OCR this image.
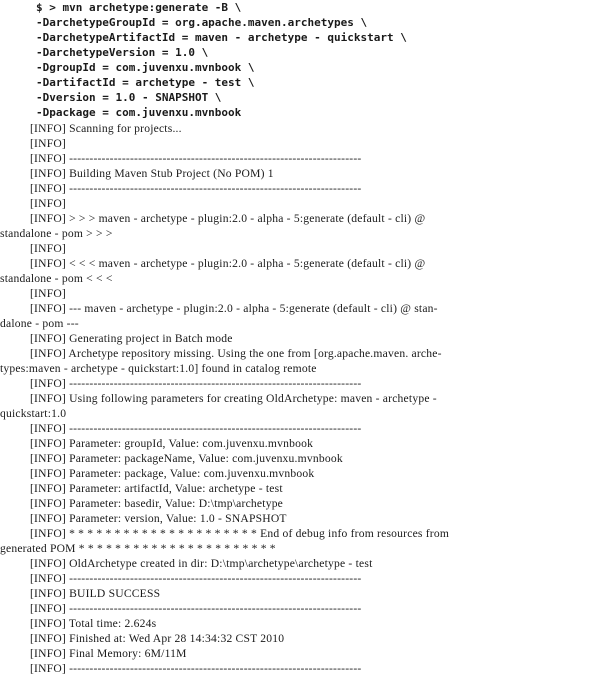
$ > mvn archetype:generate -B \
-DarchetypeGroupId = org.apache.maven.archetypes \
-DarchetypeArtifactId = maven - archetype - quickstart \
-DarchetypeVersion = 1.0 \
-DgroupId = com.juvenxu.mvnbook \
-DartifactId = archetype - test \
-Dversion = 1.0 - SNAPSHOT \
-Dpackage = com.juvenxu.mvnbook
[INFO] Scanning for projects...
[INFO]
[INFO] ------------------------------------------------------------------------
[INFO] Building Maven Stub Project (No POM) 1
[INFO] ------------------------------------------------------------------------
[INFO]
[INFO] > > > maven - archetype - plugin:2.0 - alpha - 5:generate (default - cli) @
standalone - pom > > >
[INFO]
[INFO] < < < maven - archetype - plugin:2.0 - alpha - 5:generate (default - cli) @
standalone - pom < < <
[INFO]
[INFO] --- maven - archetype - plugin:2.0 - alpha - 5:generate (default - cli) @ stan-
dalone - pom ---
[INFO] Generating project in Batch mode
[INFO] Archetype repository missing. Using the one from [org.apache.maven. arche-
types:maven - archetype - quickstart:1.0] found in catalog remote
[INFO] ------------------------------------------------------------------------
[INFO] Using following parameters for creating OldArchetype: maven - archetype -
quickstart:1.0
[INFO] ------------------------------------------------------------------------
[INFO] Parameter: groupId, Value: com.juvenxu.mvnbook
[INFO] Parameter: packageName, Value: com.juvenxu.mvnbook
[INFO] Parameter: package, Value: com.juvenxu.mvnbook
[INFO] Parameter: artifactId, Value: archetype - test
[INFO] Parameter: basedir, Value: D:\tmp\archetype
[INFO] Parameter: version, Value: 1.0 - SNAPSHOT
[INFO] * * * * * * * * * * * * * * * * * * * * * End of debug info from resources from
generated POM * * * * * * * * * * * * * * * * * * * * * *
[INFO] OldArchetype created in dir: D:\tmp\archetype\archetype - test
[INFO] ------------------------------------------------------------------------
[INFO] BUILD SUCCESS
[INFO] ------------------------------------------------------------------------
[INFO] Total time: 2.624s
[INFO] Finished at: Wed Apr 28 14:34:32 CST 2010
[INFO] Final Memory: 6M/11M
[INFO] ------------------------------------------------------------------------
